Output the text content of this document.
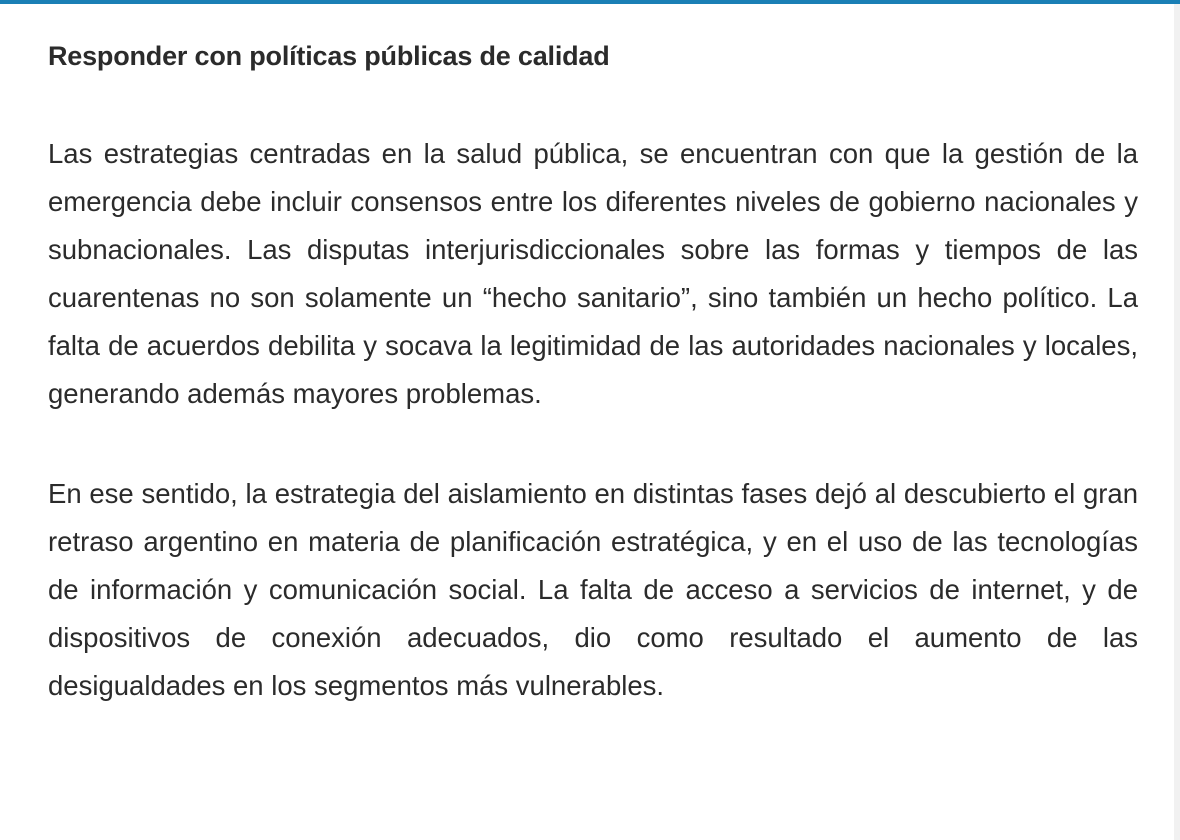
Responder con políticas públicas de calidad

Las estrategias centradas en la salud pública, se encuentran con que la gestión de la emergencia debe incluir consensos entre los diferentes niveles de gobierno nacionales y subnacionales. Las disputas interjurisdiccionales sobre las formas y tiempos de las cuarentenas no son solamente un “hecho sanitario”, sino también un hecho político. La falta de acuerdos debilita y socava la legitimidad de las autoridades nacionales y locales, generando además mayores problemas.

En ese sentido, la estrategia del aislamiento en distintas fases dejó al descubierto el gran retraso argentino en materia de planificación estratégica, y en el uso de las tecnologías de información y comunicación social. La falta de acceso a servicios de internet, y de dispositivos de conexión adecuados, dio como resultado el aumento de las desigualdades en los segmentos más vulnerables.
